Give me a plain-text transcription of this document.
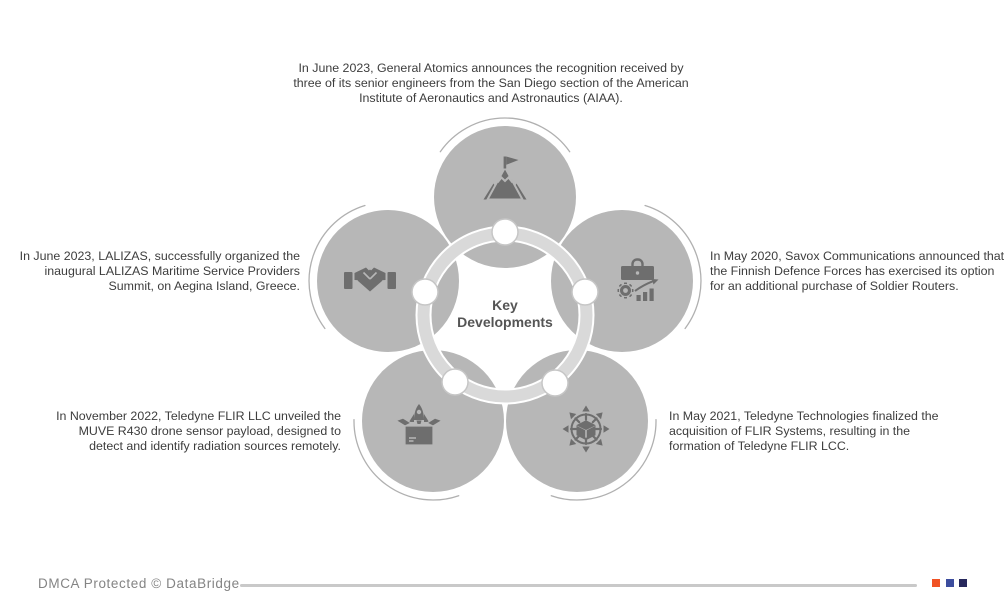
Key
Developments
In June 2023, General Atomics announces the recognition received by
three of its senior engineers from the San Diego section of the American
Institute of Aeronautics and Astronautics (AIAA).
In June 2023, LALIZAS, successfully organized the
inaugural LALIZAS Maritime Service Providers
Summit, on Aegina Island, Greece.
In May 2020, Savox Communications announced that
the Finnish Defence Forces has exercised its option
for an additional purchase of Soldier Routers.
In November 2022, Teledyne FLIR LLC unveiled the
MUVE R430 drone sensor payload, designed to
detect and identify radiation sources remotely.
In May 2021, Teledyne Technologies finalized the
acquisition of FLIR Systems, resulting in the
formation of Teledyne FLIR LCC.
DMCA Protected © DataBridge
